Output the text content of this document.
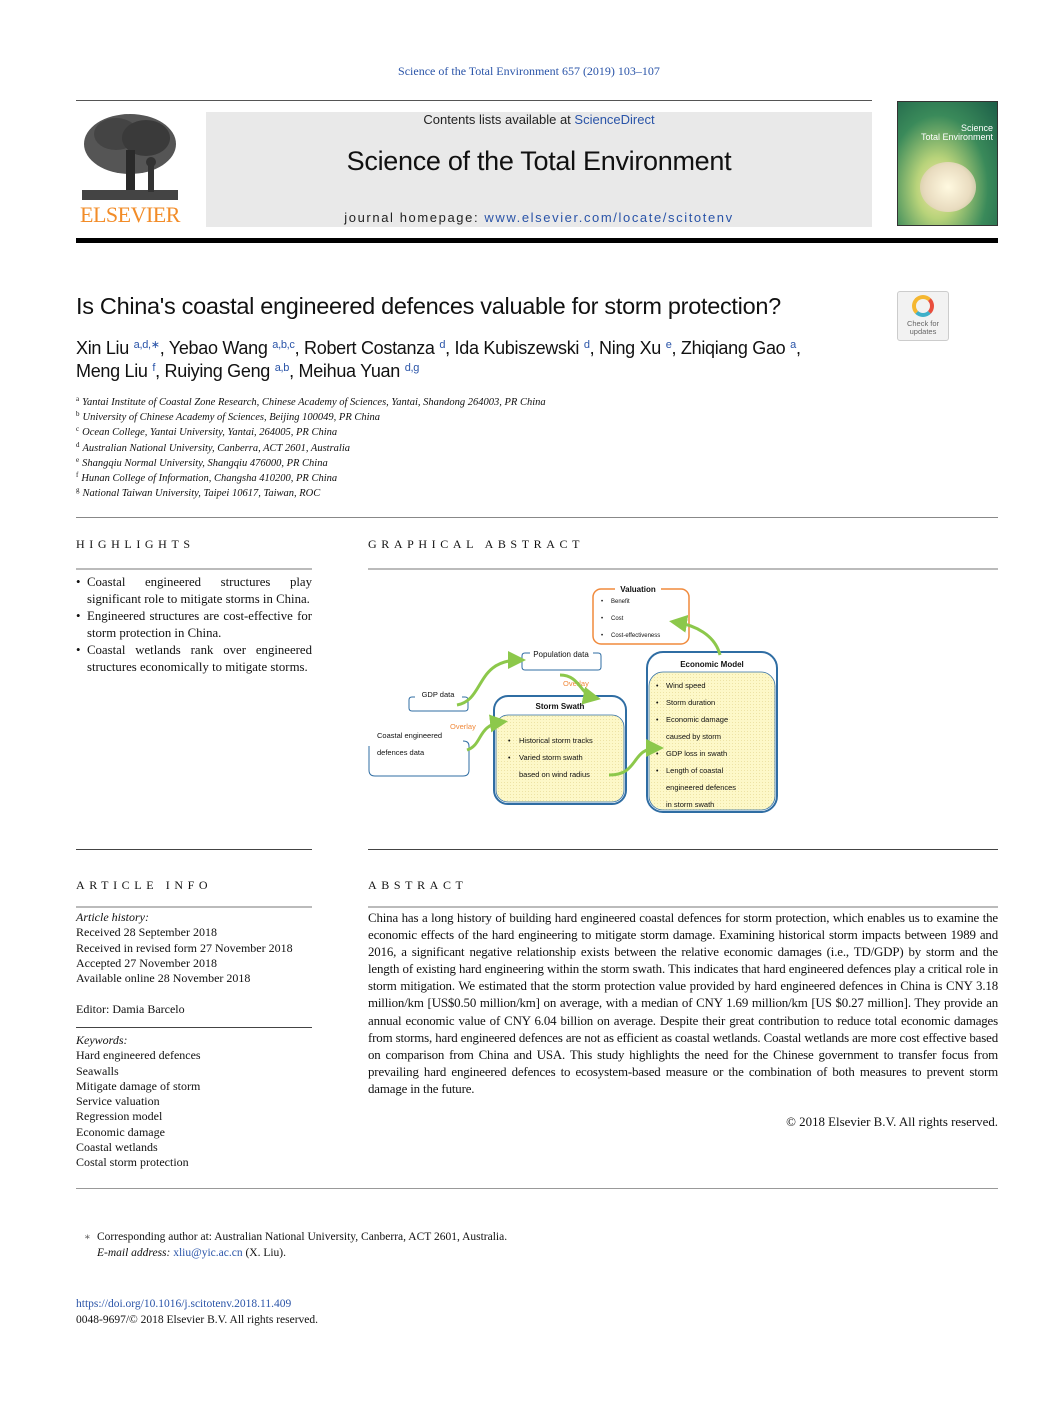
Science of the Total Environment 657 (2019) 103–107
ELSEVIER
Contents lists available at ScienceDirect
Science of the Total Environment
journal homepage: www.elsevier.com/locate/scitotenv
Science
Total Environment
Is China's coastal engineered defences valuable for storm protection?
Check for updates
Xin Liu $^{a,d,∗}$, Yebao Wang $^{a,b,c}$, Robert Costanza $^d$, Ida Kubiszewski $^d$, Ning Xu $^e$, Zhiqiang Gao $^a$,
Meng Liu $^f$, Ruiying Geng $^{a,b}$, Meihua Yuan $^{d,g}$
$^a$ Yantai Institute of Coastal Zone Research, Chinese Academy of Sciences, Yantai, Shandong 264003, PR China
$^b$ University of Chinese Academy of Sciences, Beijing 100049, PR China
$^c$ Ocean College, Yantai University, Yantai, 264005, PR China
$^d$ Australian National University, Canberra, ACT 2601, Australia
$^e$ Shangqiu Normal University, Shangqiu 476000, PR China
$^f$ Hunan College of Information, Changsha 410200, PR China
$^g$ National Taiwan University, Taipei 10617, Taiwan, ROC
HIGHLIGHTS
• Coastal engineered structures play significant role to mitigate storms in China.
• Engineered structures are cost-effective for storm protection in China.
• Coastal wetlands rank over engineered structures economically to mitigate storms.
GRAPHICAL ABSTRACT
Valuation
• Benefit
• Cost
• Cost-effectiveness
Population data
GDP data
Coastal engineered
defences data
Storm Swath
• Historical storm tracks
• Varied storm swath
based on wind radius
Economic Model
• Wind speed
• Storm duration
• Economic damage
caused by storm
• GDP loss in swath
• Length of coastal
engineered defences
in storm swath
Overlay
Overlay
ARTICLE INFO
Article history:
Received 28 September 2018
Received in revised form 27 November 2018
Accepted 27 November 2018
Available online 28 November 2018
Editor: Damia Barcelo
Keywords:
Hard engineered defences
Seawalls
Mitigate damage of storm
Service valuation
Regression model
Economic damage
Coastal wetlands
Costal storm protection
ABSTRACT
China has a long history of building hard engineered coastal defences for storm protection, which enables us to examine the economic effects of the hard engineering to mitigate storm damage. Examining historical storm impacts between 1989 and 2016, a significant negative relationship exists between the relative economic damages (i.e., TD/GDP) by storm and the length of existing hard engineering within the storm swath. This indicates that hard engineered defences play a critical role in storm mitigation. We estimated that the storm protection value provided by hard engineered defences in China is CNY 3.18 million/km [US$0.50 million/km] on average, with a median of CNY 1.69 million/km [US $0.27 million]. They provide an annual economic value of CNY 6.04 billion on average. Despite their great contribution to reduce total economic damages from storms, hard engineered defences are not as efficient as coastal wetlands. Coastal wetlands are more cost effective based on comparison from China and USA. This study highlights the need for the Chinese government to transfer focus from prevailing hard engineered defences to ecosystem-based measure or the combination of both measures to prevent storm damage in the future.
© 2018 Elsevier B.V. All rights reserved.
∗ Corresponding author at: Australian National University, Canberra, ACT 2601, Australia.
E-mail address: xliu@yic.ac.cn (X. Liu).
https://doi.org/10.1016/j.scitotenv.2018.11.409
0048-9697/© 2018 Elsevier B.V. All rights reserved.
